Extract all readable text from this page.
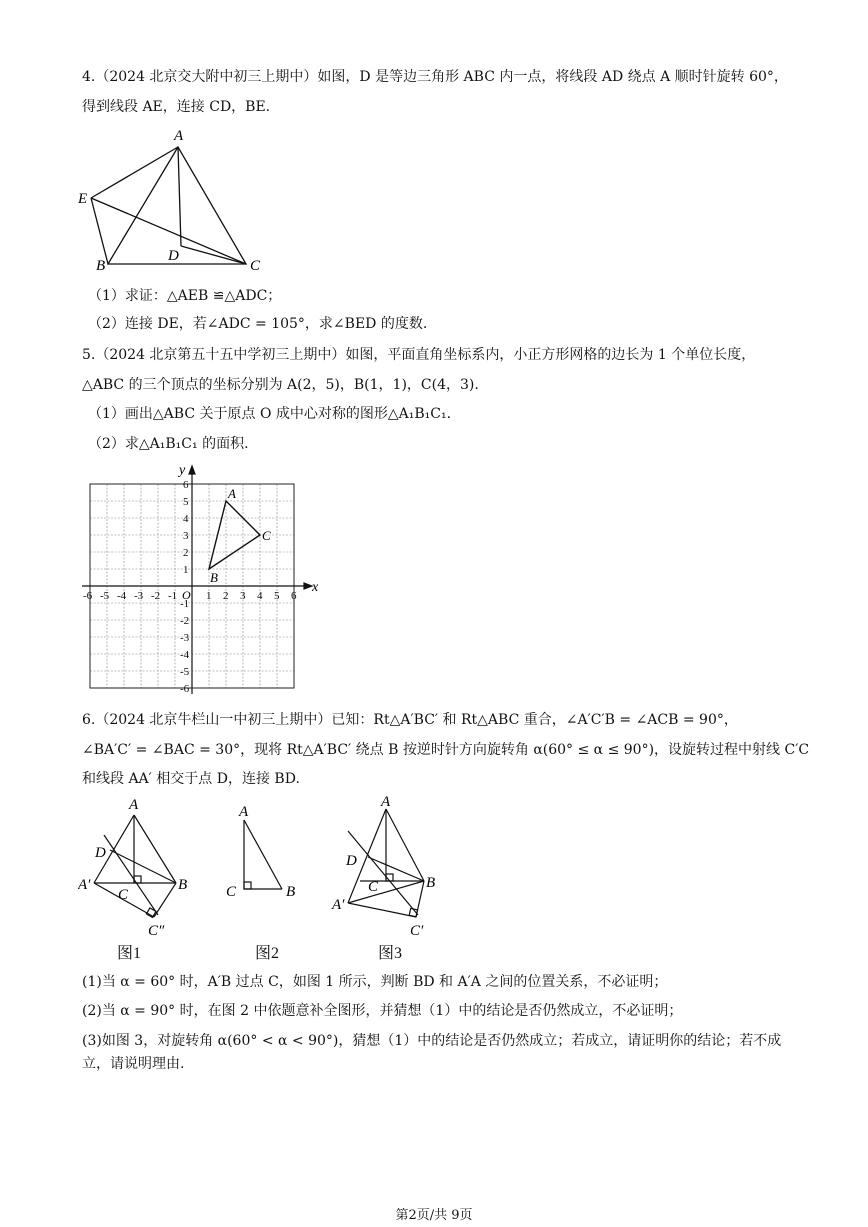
4.（2024 北京交大附中初三上期中）如图，D 是等边三角形 ABC 内一点，将线段 AD 绕点 A 顺时针旋转 60°，
得到线段 AE，连接 CD，BE.
A
E
B
D
C
（1）求证：△AEB ≌△ADC；
（2）连接 DE，若∠ADC = 105°，求∠BED 的度数.
5.（2024 北京第五十五中学初三上期中）如图，平面直角坐标系内，小正方形网格的边长为 1 个单位长度，
△ABC 的三个顶点的坐标分别为 A(2，5)，B(1，1)，C(4，3).
（1）画出△ABC 关于原点 O 成中心对称的图形△A₁B₁C₁.
（2）求△A₁B₁C₁ 的面积.
-6 -5 -4 -3 -2 -1	1 2 3 4 5 6
6
5
4
3
2
1
-1
-2
-3
-4
-5
-6
A
B
C
x
y
O
6.（2024 北京牛栏山一中初三上期中）已知：Rt△A′BC′ 和 Rt△ABC 重合，∠A′C′B = ∠ACB = 90°，
∠BA′C′ = ∠BAC = 30°，现将 Rt△A′BC′ 绕点 B 按逆时针方向旋转角 α(60° ≤ α ≤ 90°)，设旋转过程中射线 C′C
和线段 AA′ 相交于点 D，连接 BD.
A
D
A′
C
B
C″
图1
A
C	B
图2
A
D
C	B
A′
C′
图3
(1)当 α = 60° 时，A′B 过点 C，如图 1 所示，判断 BD 和 A′A 之间的位置关系，不必证明；
(2)当 α = 90° 时，在图 2 中依题意补全图形，并猜想（1）中的结论是否仍然成立，不必证明；
(3)如图 3，对旋转角 α(60° < α < 90°)，猜想（1）中的结论是否仍然成立；若成立，请证明你的结论；若不成
立，请说明理由.
第2页/共 9页
